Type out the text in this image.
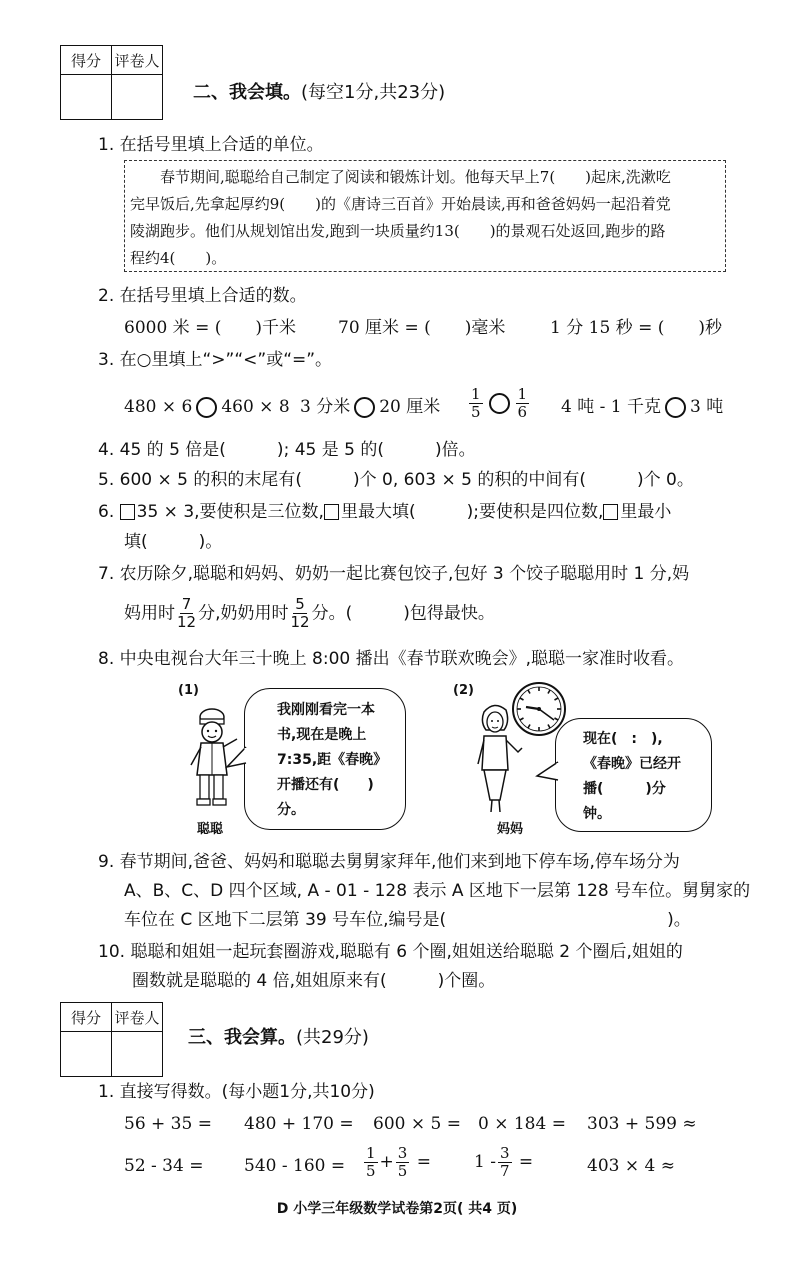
得分	评卷人

二、我会填。(每空1分,共23分)
1. 在括号里填上合适的单位。
春节期间,聪聪给自己制定了阅读和锻炼计划。他每天早上7(　　)起床,洗漱吃
完早饭后,先拿起厚约9(　　)的《唐诗三百首》开始晨读,再和爸爸妈妈一起沿着党
陵湖跑步。他们从规划馆出发,跑到一块质量约13(　　)的景观石处返回,跑步的路
程约4(　　)。
2. 在括号里填上合适的数。
6000 米 = (　　)千米 70 厘米 = (　　)毫米	1 分 15 秒 = (　　)秒
3. 在○里填上“>”“<”或“=”。
480 × 6 460 × 8 3 分米 20 厘米 $\frac{1}{5} \frac{1}{6} 4$ 吨 - 1 千克 3 吨
4. 45 的 5 倍是(　　　); 45 是 5 的(　　　)倍。
5. 600 × 5 的积的末尾有(　　　)个 0, 603 × 5 的积的中间有(　　　)个 0。
6. 35 × 3,要使积是三位数, 里最大填(　　　);要使积是四位数, 里最小
填(　　　)。
7. 农历除夕,聪聪和妈妈、奶奶一起比赛包饺子,包好 3 个饺子聪聪用时 1 分,妈
妈用时 $\frac{7}{12}$ 分,奶奶用时 $\frac{5}{12}$ 分。(　　　)包得最快。
8. 中央电视台大年三十晚上 8:00 播出《春节联欢晚会》,聪聪一家准时收看。
(1)
聪聪
我刚刚看完一本
书,现在是晚上
7:35,距《春晚》
开播还有(　　)
分。
(2)
妈妈
现在(　:　),
《春晚》已经开
播(　　　)分
钟。
9. 春节期间,爸爸、妈妈和聪聪去舅舅家拜年,他们来到地下停车场,停车场分为
A、B、C、D 四个区域, A - 01 - 128 表示 A 区地下一层第 128 号车位。舅舅家的
车位在 C 区地下二层第 39 号车位,编号是(　　　　　　　　　　　　　)。
10. 聪聪和姐姐一起玩套圈游戏,聪聪有 6 个圈,姐姐送给聪聪 2 个圈后,姐姐的
圈数就是聪聪的 4 倍,姐姐原来有(　　　)个圈。
得分	评卷人

三、我会算。(共29分)
1. 直接写得数。(每小题1分,共10分)
56 + 35 = 480 + 170 = 600 × 5 = 0 × 184 = 303 + 599 ≈
$52 - 34 = 540 - 160 = \frac{1}{5} + \frac{3}{5}$ =	$1 - \frac{3}{7}$ =	403 × 4 ≈
D 小学三年级数学试卷第2页( 共4 页)
